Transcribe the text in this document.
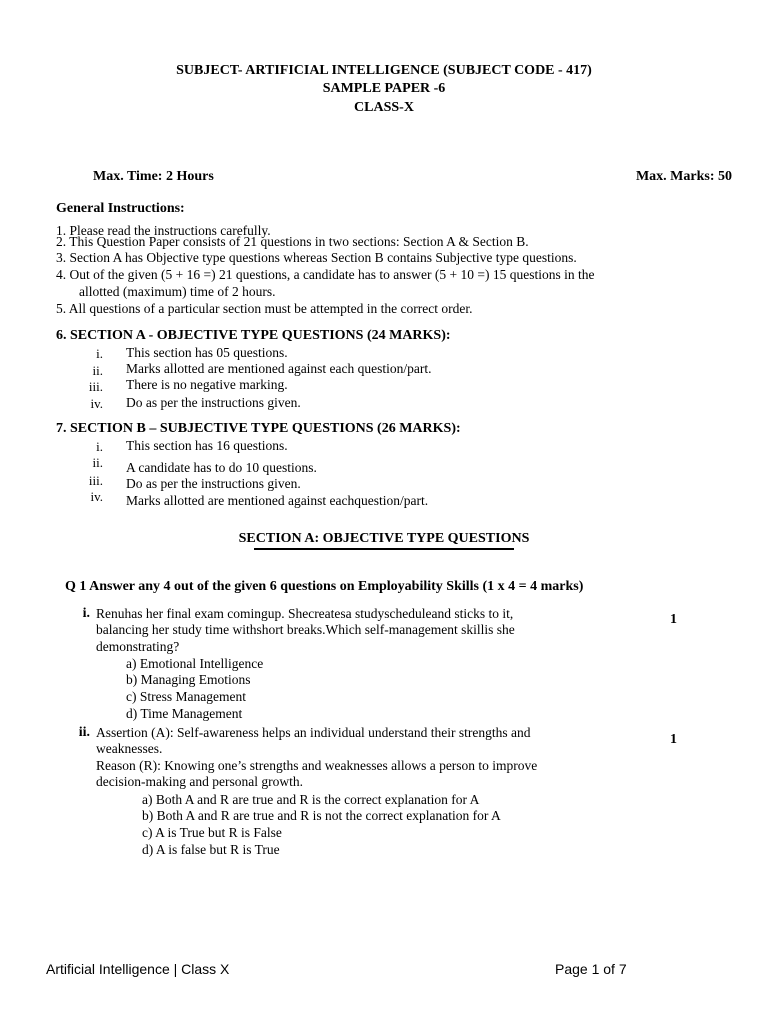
SUBJECT- ARTIFICIAL INTELLIGENCE (SUBJECT CODE - 417)
SAMPLE PAPER -6
CLASS-X
Max. Time: 2 Hours	Max. Marks: 50
General Instructions:
1. Please read the instructions carefully.
2. This Question Paper consists of 21 questions in two sections: Section A & Section B.
3. Section A has Objective type questions whereas Section B contains Subjective type questions.
4. Out of the given (5 + 16 =) 21 questions, a candidate has to answer (5 + 10 =) 15 questions in the
allotted (maximum) time of 2 hours.
5. All questions of a particular section must be attempted in the correct order.
6. SECTION A - OBJECTIVE TYPE QUESTIONS (24 MARKS):
i. This section has 05 questions.
ii. Marks allotted are mentioned against each question/part.
iii. There is no negative marking.
iv. Do as per the instructions given.
7. SECTION B – SUBJECTIVE TYPE QUESTIONS (26 MARKS):
i. This section has 16 questions.
ii. A candidate has to do 10 questions.
iii. Do as per the instructions given.
iv. Marks allotted are mentioned against eachquestion/part.
SECTION A: OBJECTIVE TYPE QUESTIONS
Q 1 Answer any 4 out of the given 6 questions on Employability Skills (1 x 4 = 4 marks)
i. Renuhas her final exam comingup. Shecreatesa studyscheduleand sticks to it,
balancing her study time withshort breaks.Which self-management skillis she
demonstrating?
a) Emotional Intelligence
b) Managing Emotions
c) Stress Management
d) Time Management
1
ii. Assertion (A): Self-awareness helps an individual understand their strengths and
weaknesses.
Reason (R): Knowing one’s strengths and weaknesses allows a person to improve
decision-making and personal growth.
a) Both A and R are true and R is the correct explanation for A
b) Both A and R are true and R is not the correct explanation for A
c) A is True but R is False
d) A is false but R is True
1
Artificial Intelligence | Class X	Page 1 of 7
